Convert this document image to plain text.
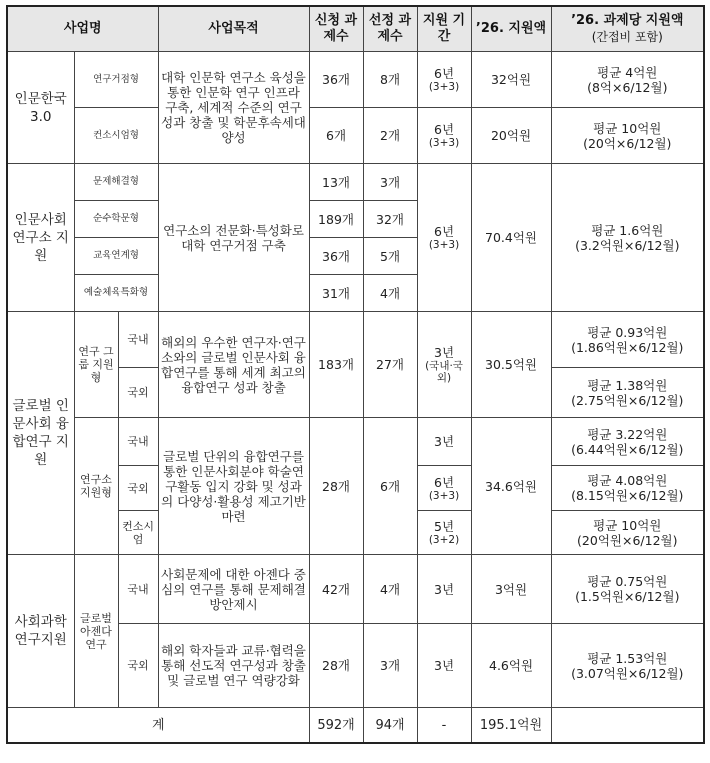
사업명			사업목적	신청 과제수	선정 과제수	지원 기간	’26. 지원액	’26. 과제당 지원액
(간접비 포함)

인문한국 3.0	연구거점형		대학 인문학 연구소 육성을 통한 인문학 연구 인프라 구축, 세계적 수준의 연구성과 창출 및 학문후속세대 양성	36개	8개	6년
(3+3)	32억원	평균 4억원
(8억×6/12월)

	컨소시엄형			6개	2개	6년
(3+3)	20억원	평균 10억원
(20억×6/12월)

인문사회 연구소 지원	문제해결형		연구소의 전문화·특성화로 대학 연구거점 구축	13개	3개	6년
(3+3)	70.4억원	평균 1.6억원
(3.2억원×6/12월)

	순수학문형			189개	32개			
	교육연계형			36개	5개			
	예술체육특화형			31개	4개			
글로벌 인문사회 융합연구 지원	연구 그룹 지원형	국내	해외의 우수한 연구자·연구소와의 글로벌 인문사회 융합연구를 통해 세계 최고의 융합연구 성과 창출	183개	27개	3년
(국내·국외)	30.5억원	평균 0.93억원
(1.86억원×6/12월)

		국외						평균 1.38억원
(2.75억원×6/12월)

	연구소 지원형	국내	글로벌 단위의 융합연구를 통한 인문사회분야 학술연구활동 입지 강화 및 성과의 다양성·활용성 제고기반 마련	28개	6개	3년	34.6억원	평균 3.22억원
(6.44억원×6/12월)

		국외				6년
(3+3)		평균 4.08억원
(8.15억원×6/12월)

		컨소시엄				5년
(3+2)		평균 10억원
(20억원×6/12월)

사회과학 연구지원	글로벌 아젠다 연구	국내	사회문제에 대한 아젠다 중심의 연구를 통해 문제해결 방안제시	42개	4개	3년	3억원	평균 0.75억원
(1.5억원×6/12월)

		국외	해외 학자들과 교류·협력을 통해 선도적 연구성과 창출 및 글로벌 연구 역량강화	28개	3개	3년	4.6억원	평균 1.53억원
(3.07억원×6/12월)

계				592개	94개	-	195.1억원	
